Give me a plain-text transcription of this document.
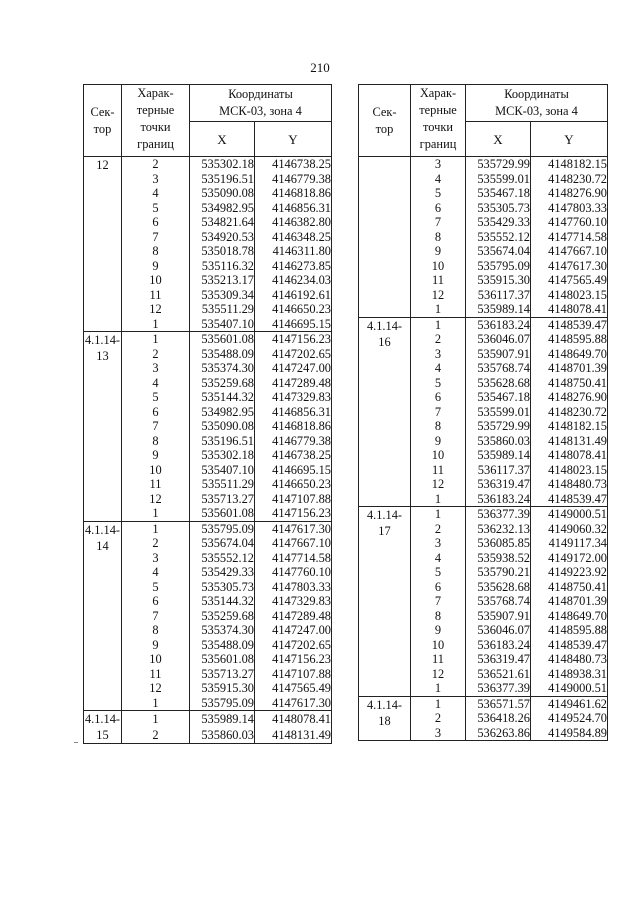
210
Сек-
тор	Харак-
терные
точки
границ	Координаты
МСК-03, зона 4	
		X	Y
12	2	535302.18	4146738.25
	3	535196.51	4146779.38
	4	535090.08	4146818.86
	5	534982.95	4146856.31
	6	534821.64	4146382.80
	7	534920.53	4146348.25
	8	535018.78	4146311.80
	9	535116.32	4146273.85
	10	535213.17	4146234.03
	11	535309.34	4146192.61
	12	535511.29	4146650.23
	1	535407.10	4146695.15
4.1.14-
13	1	535601.08	4147156.23
	2	535488.09	4147202.65
	3	535374.30	4147247.00
	4	535259.68	4147289.48
	5	535144.32	4147329.83
	6	534982.95	4146856.31
	7	535090.08	4146818.86
	8	535196.51	4146779.38
	9	535302.18	4146738.25
	10	535407.10	4146695.15
	11	535511.29	4146650.23
	12	535713.27	4147107.88
	1	535601.08	4147156.23
4.1.14-
14	1	535795.09	4147617.30
	2	535674.04	4147667.10
	3	535552.12	4147714.58
	4	535429.33	4147760.10
	5	535305.73	4147803.33
	6	535144.32	4147329.83
	7	535259.68	4147289.48
	8	535374.30	4147247.00
	9	535488.09	4147202.65
	10	535601.08	4147156.23
	11	535713.27	4147107.88
	12	535915.30	4147565.49
	1	535795.09	4147617.30
4.1.14-
15	1	535989.14	4148078.41
	2	535860.03	4148131.49
Сек-
тор	Харак-
терные
точки
границ	Координаты
МСК-03, зона 4	
		X	Y
	3	535729.99	4148182.15
	4	535599.01	4148230.72
	5	535467.18	4148276.90
	6	535305.73	4147803.33
	7	535429.33	4147760.10
	8	535552.12	4147714.58
	9	535674.04	4147667.10
	10	535795.09	4147617.30
	11	535915.30	4147565.49
	12	536117.37	4148023.15
	1	535989.14	4148078.41
4.1.14-
16	1	536183.24	4148539.47
	2	536046.07	4148595.88
	3	535907.91	4148649.70
	4	535768.74	4148701.39
	5	535628.68	4148750.41
	6	535467.18	4148276.90
	7	535599.01	4148230.72
	8	535729.99	4148182.15
	9	535860.03	4148131.49
	10	535989.14	4148078.41
	11	536117.37	4148023.15
	12	536319.47	4148480.73
	1	536183.24	4148539.47
4.1.14-
17	1	536377.39	4149000.51
	2	536232.13	4149060.32
	3	536085.85	4149117.34
	4	535938.52	4149172.00
	5	535790.21	4149223.92
	6	535628.68	4148750.41
	7	535768.74	4148701.39
	8	535907.91	4148649.70
	9	536046.07	4148595.88
	10	536183.24	4148539.47
	11	536319.47	4148480.73
	12	536521.61	4148938.31
	1	536377.39	4149000.51
4.1.14-
18	1	536571.57	4149461.62
	2	536418.26	4149524.70
	3	536263.86	4149584.89
